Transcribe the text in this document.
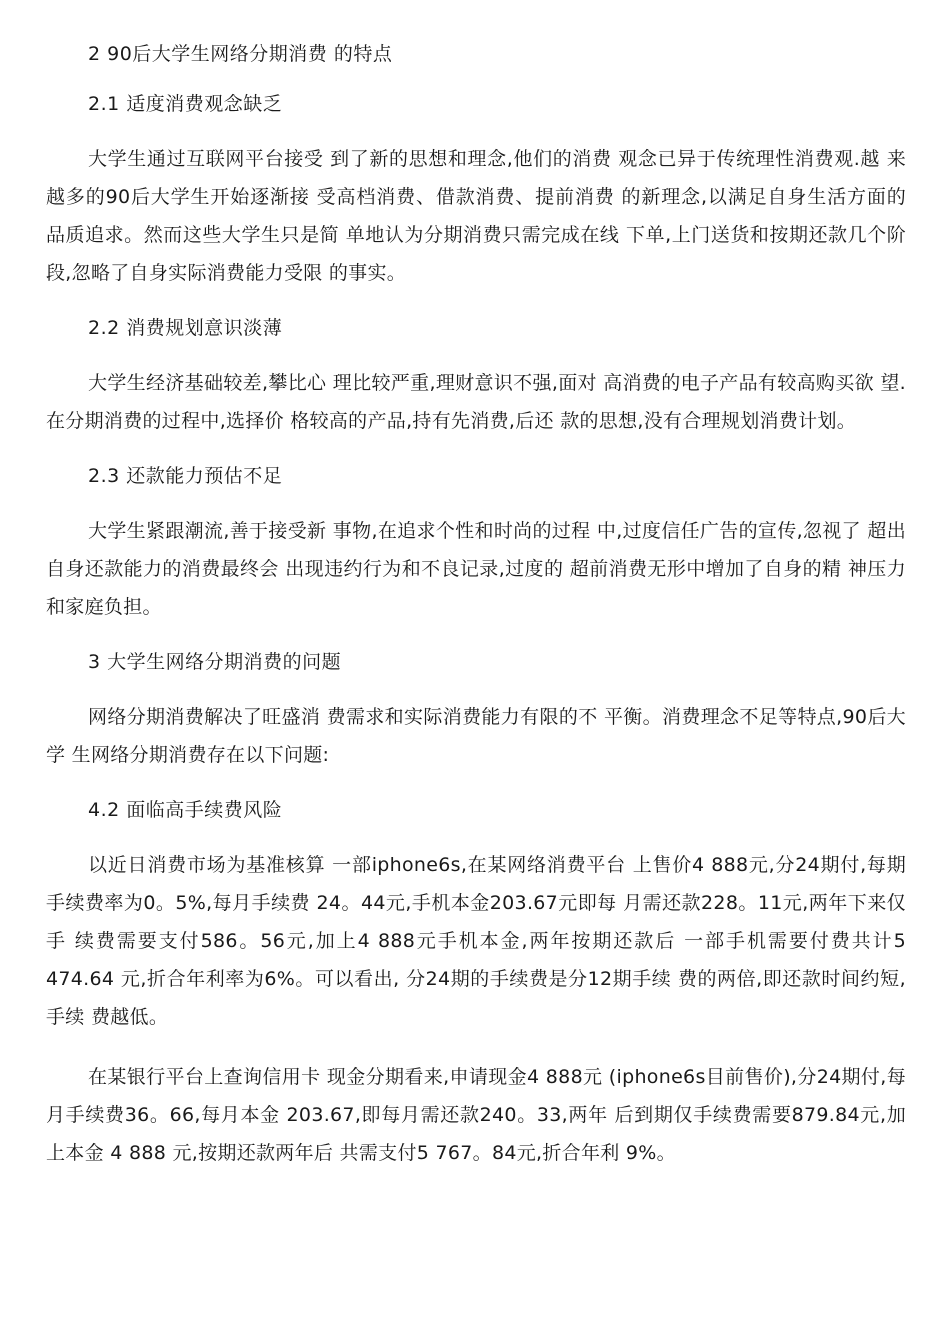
2 90后大学生网络分期消费 的特点
2.1 适度消费观念缺乏

大学生通过互联网平台接受 到了新的思想和理念,他们的消费 观念已异于传统理性消费观.越 来越多的90后大学生开始逐渐接 受高档消费、借款消费、提前消费 的新理念,以满足自身生活方面的 品质追求。然而这些大学生只是简 单地认为分期消费只需完成在线 下单,上门送货和按期还款几个阶 段,忽略了自身实际消费能力受限 的事实。

2.2 消费规划意识淡薄

大学生经济基础较差,攀比心 理比较严重,理财意识不强,面对 高消费的电子产品有较高购买欲 望.在分期消费的过程中,选择价 格较高的产品,持有先消费,后还 款的思想,没有合理规划消费计划。

2.3 还款能力预估不足

大学生紧跟潮流,善于接受新 事物,在追求个性和时尚的过程 中,过度信任广告的宣传,忽视了 超出自身还款能力的消费最终会 出现违约行为和不良记录,过度的 超前消费无形中增加了自身的精 神压力和家庭负担。

3 大学生网络分期消费的问题

网络分期消费解决了旺盛消 费需求和实际消费能力有限的不 平衡。消费理念不足等特点,90后大学 生网络分期消费存在以下问题:

4.2 面临高手续费风险

以近日消费市场为基准核算 一部iphone6s,在某网络消费平台 上售价4 888元,分24期付,每期 手续费率为0。5%,每月手续费 24。44元,手机本金203.67元即每 月需还款228。11元,两年下来仅手 续费需要支付586。56元,加上4 888元手机本金,两年按期还款后 一部手机需要付费共计5 474.64 元,折合年利率为6%。可以看出, 分24期的手续费是分12期手续 费的两倍,即还款时间约短,手续 费越低。

在某银行平台上查询信用卡 现金分期看来,申请现金4 888元 (iphone6s目前售价),分24期付,每月手续费36。66,每月本金 203.67,即每月需还款240。33,两年 后到期仅手续费需要879.84元,加 上本金 4 888 元,按期还款两年后 共需支付5 767。84元,折合年利 9%。
